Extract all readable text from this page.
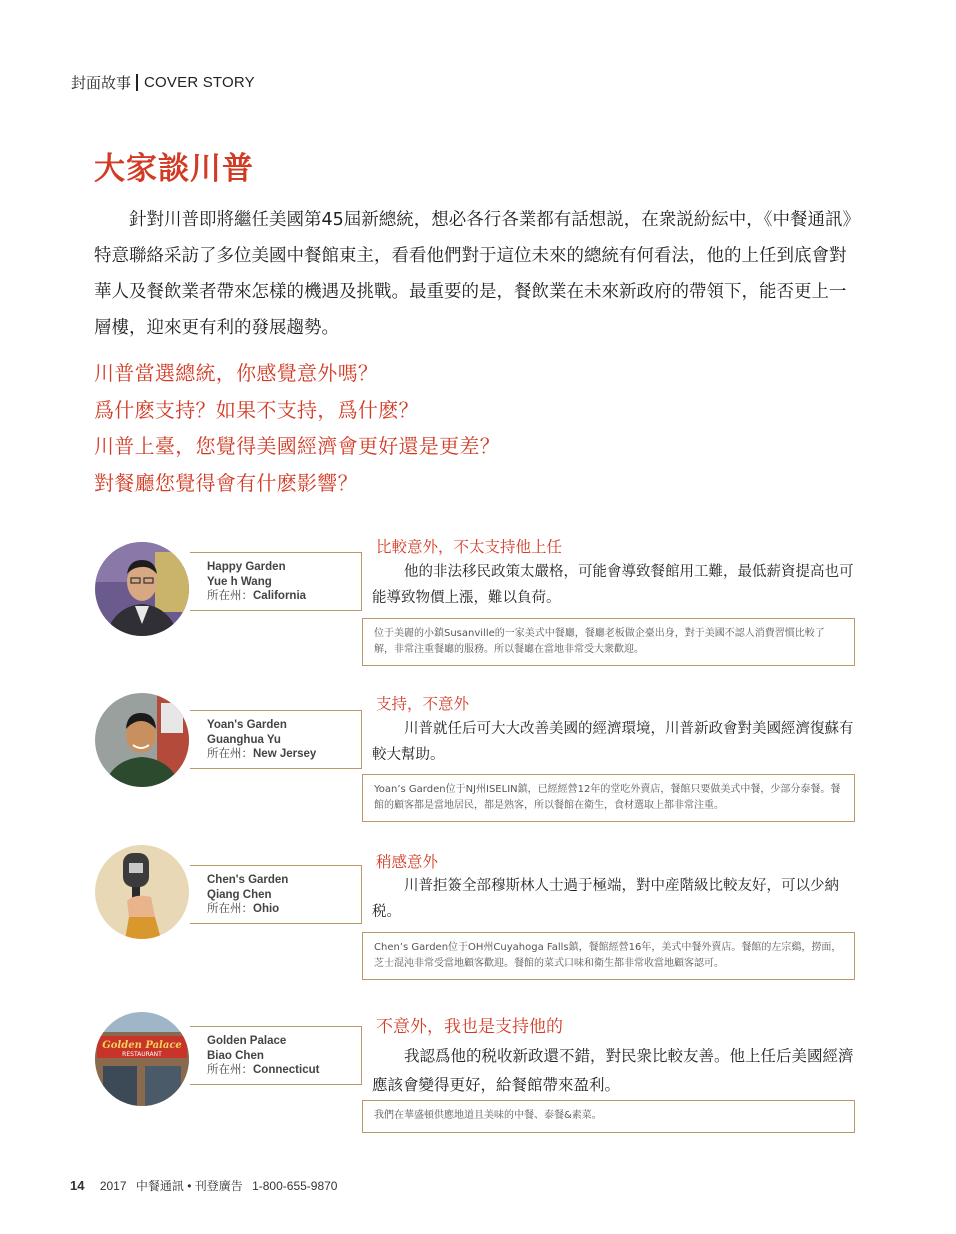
封面故事 COVER STORY
大家談川普
針對川普即將繼任美國第45屆新總統，想必各行各業都有話想説，在衆説紛紜中，《中餐通訊》特意聯絡采訪了多位美國中餐館東主，看看他們對于這位未來的總統有何看法，他的上任到底會對華人及餐飲業者帶來怎樣的機遇及挑戰。最重要的是，餐飲業在未來新政府的帶領下，能否更上一層樓，迎來更有利的發展趨勢。
川普當選總統，你感覺意外嗎？
爲什麽支持？如果不支持，爲什麽？
川普上臺，您覺得美國經濟會更好還是更差？
對餐廳您覺得會有什麽影響？
Happy Garden
Yue h Wang
所在州：California
比較意外，不太支持他上任
他的非法移民政策太嚴格，可能會導致餐館用工難，最低薪資提高也可能導致物價上漲，難以負荷。
位于美麗的小鎮Susanville的一家美式中餐廳，餐廳老板做企臺出身，對于美國不認人消費習慣比較了解，非常注重餐廳的服務。所以餐廳在當地非常受大衆歡迎。
Yoan's Garden
Guanghua Yu
所在州：New Jersey
支持，不意外
川普就任后可大大改善美國的經濟環境，川普新政會對美國經濟復蘇有較大幫助。
Yoan’s Garden位于NJ州ISELIN鎮，已經經營12年的堂吃外賣店，餐館只要做美式中餐，少部分泰餐。餐館的顧客都是當地居民，都是熟客，所以餐館在衛生，食材選取上都非常注重。
Chen's Garden
Qiang Chen
所在州：Ohio
稍感意外
川普拒簽全部穆斯林人士過于極端，對中産階級比較友好，可以少納税。
Chen’s Garden位于OH州Cuyahoga Falls鎮，餐館經營16年，美式中餐外賣店。餐館的左宗鷄，撈面，芝士混沌非常受當地顧客歡迎。餐館的菜式口味和衛生都非常收當地顧客認可。
Golden Palace
RESTAURANT
Golden Palace
Biao Chen
所在州：Connecticut
不意外，我也是支持他的
我認爲他的税收新政還不錯，對民衆比較友善。他上任后美國經濟應該會變得更好，給餐館帶來盈利。
我們在華盛頓供應地道且美味的中餐、泰餐&素菜。
14 2017 中餐通訊 • 刊登廣告 1-800-655-9870
